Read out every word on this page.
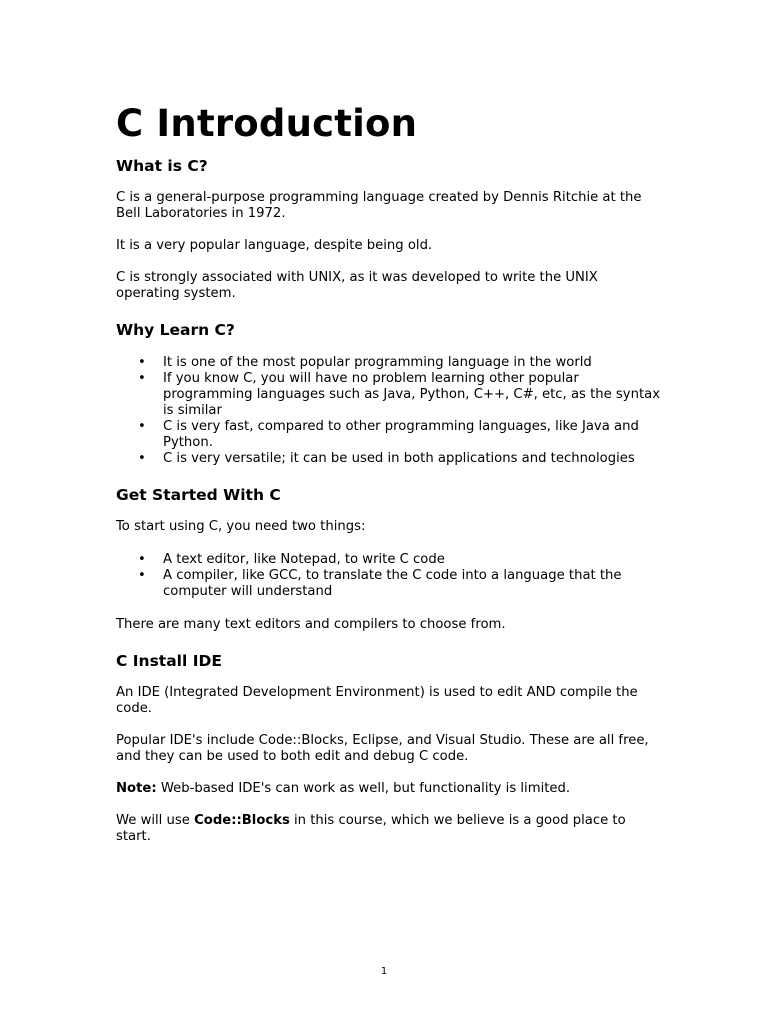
C Introduction
What is C?

C is a general-purpose programming language created by Dennis Ritchie at the Bell Laboratories in 1972.

It is a very popular language, despite being old.

C is strongly associated with UNIX, as it was developed to write the UNIX operating system.

Why Learn C?
• It is one of the most popular programming language in the world
• If you know C, you will have no problem learning other popular programming languages such as Java, Python, C++, C#, etc, as the syntax is similar
• C is very fast, compared to other programming languages, like Java and Python.
• C is very versatile; it can be used in both applications and technologies
Get Started With C

To start using C, you need two things:

• A text editor, like Notepad, to write C code
• A compiler, like GCC, to translate the C code into a language that the computer will understand

There are many text editors and compilers to choose from.

C Install IDE

An IDE (Integrated Development Environment) is used to edit AND compile the code.

Popular IDE's include Code::Blocks, Eclipse, and Visual Studio. These are all free, and they can be used to both edit and debug C code.

Note: Web-based IDE's can work as well, but functionality is limited.

We will use Code::Blocks in this course, which we believe is a good place to start.

1
